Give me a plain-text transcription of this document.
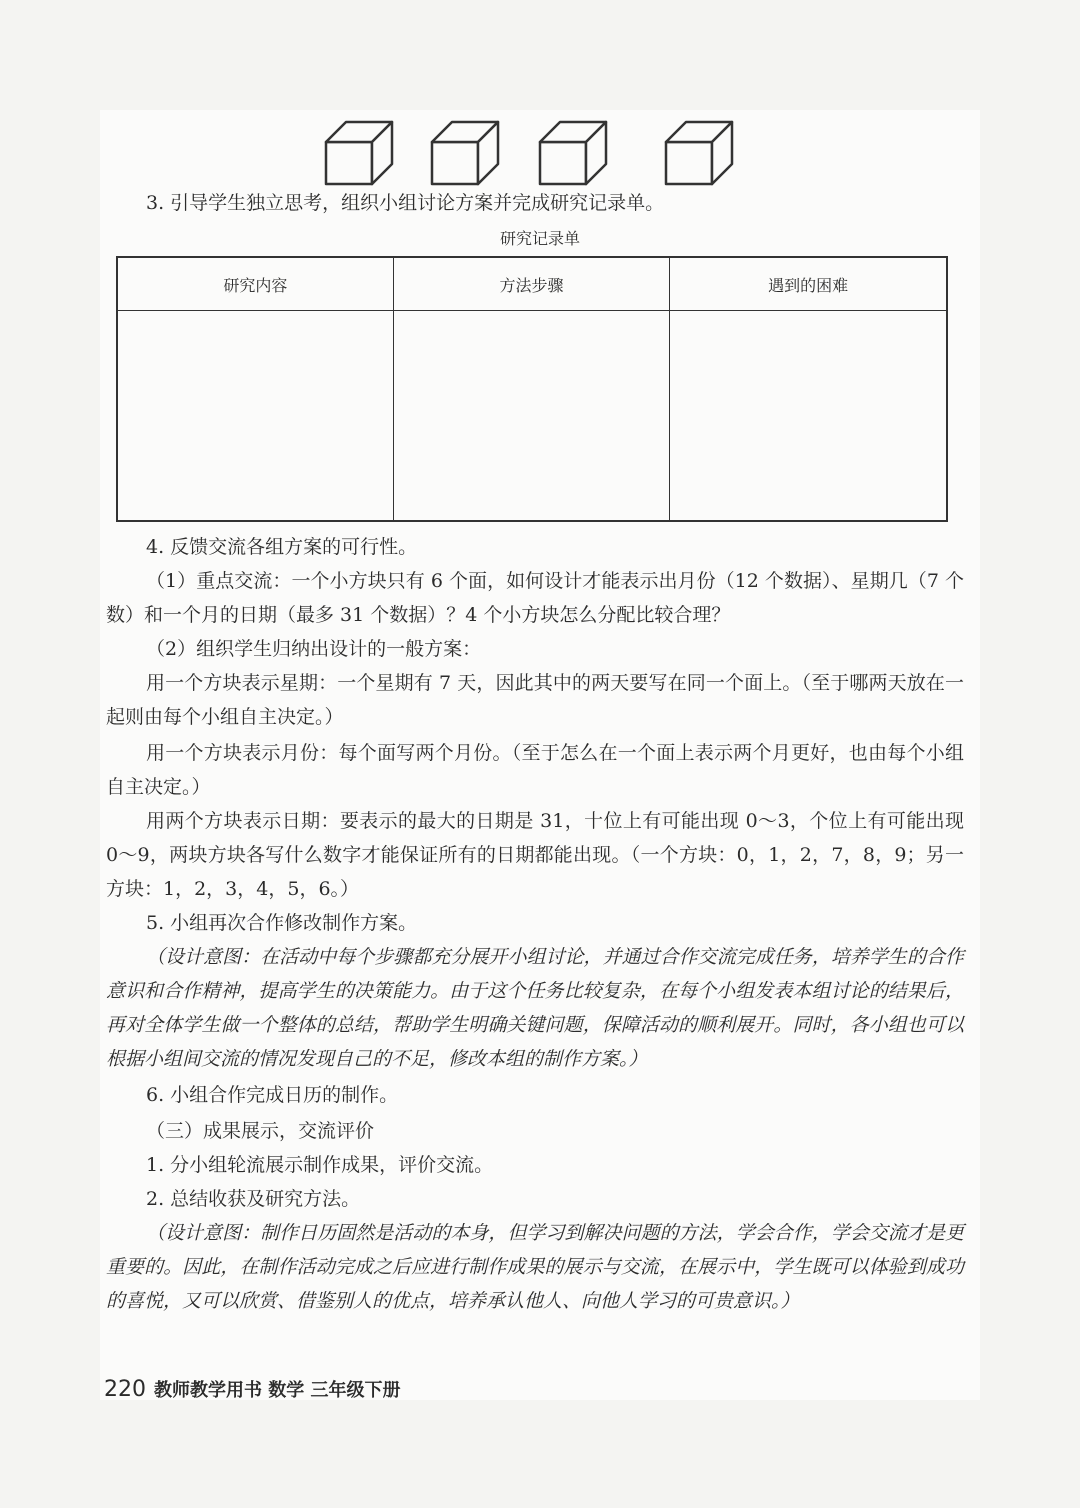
3. 引导学生独立思考，组织小组讨论方案并完成研究记录单。

研究记录单
研究内容	方法步骤	遇到的困难

4. 反馈交流各组方案的可行性。

（1）重点交流：一个小方块只有 6 个面，如何设计才能表示出月份（12 个数据）、星期几（7 个数）和一个月的日期（最多 31 个数据）？4 个小方块怎么分配比较合理？

（2）组织学生归纳出设计的一般方案：

用一个方块表示星期：一个星期有 7 天，因此其中的两天要写在同一个面上。（至于哪两天放在一起则由每个小组自主决定。）

用一个方块表示月份：每个面写两个月份。（至于怎么在一个面上表示两个月更好，也由每个小组自主决定。）

用两个方块表示日期：要表示的最大的日期是 31，十位上有可能出现 0～3，个位上有可能出现 0～9，两块方块各写什么数字才能保证所有的日期都能出现。（一个方块：0，1，2，7，8，9；另一方块：1，2，3，4，5，6。）

5. 小组再次合作修改制作方案。

（设计意图：在活动中每个步骤都充分展开小组讨论，并通过合作交流完成任务，培养学生的合作意识和合作精神，提高学生的决策能力。由于这个任务比较复杂，在每个小组发表本组讨论的结果后，再对全体学生做一个整体的总结，帮助学生明确关键问题，保障活动的顺利展开。同时，各小组也可以根据小组间交流的情况发现自己的不足，修改本组的制作方案。）

6. 小组合作完成日历的制作。

（三）成果展示，交流评价

1. 分小组轮流展示制作成果，评价交流。

2. 总结收获及研究方法。

（设计意图：制作日历固然是活动的本身，但学习到解决问题的方法，学会合作，学会交流才是更重要的。因此，在制作活动完成之后应进行制作成果的展示与交流，在展示中，学生既可以体验到成功的喜悦，又可以欣赏、借鉴别人的优点，培养承认他人、向他人学习的可贵意识。）

220 教师教学用书 数学 三年级下册
